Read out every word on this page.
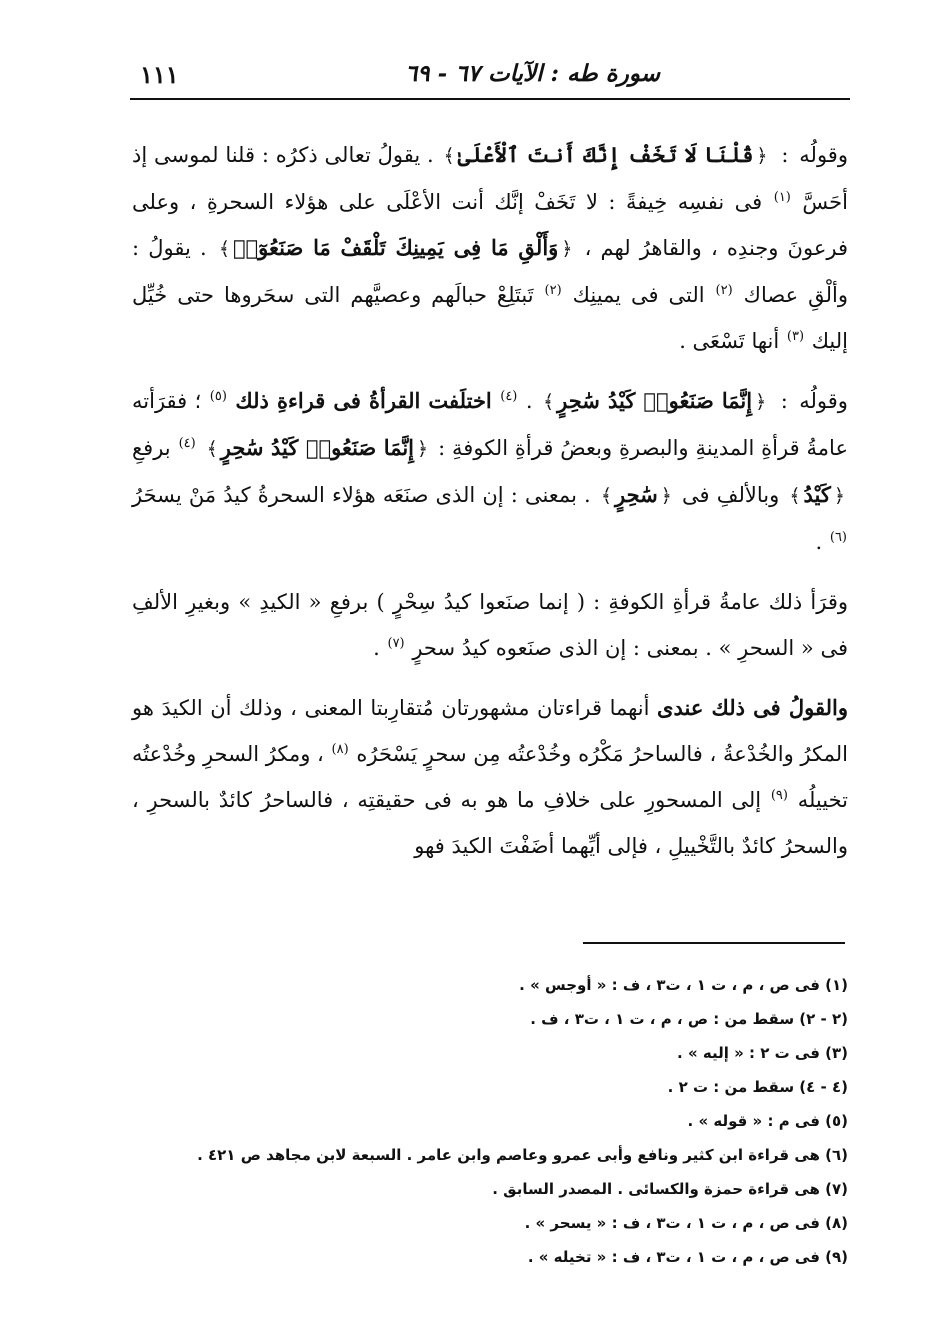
١١١	سورة طه : الآيات ٦٧ - ٦٩

وقولُه : ﴿قُلْنَا لَا تَخَفْ إِنَّكَ أَنتَ ٱلْأَعْلَىٰ﴾ . يقولُ تعالى ذكرُه : قلنا لموسى إذ أحَسَّ $^{(١)}$ فى نفسِه خِيفةً : لا تَخَفْ إنَّك أنت الأعْلَى على هؤلاء السحرةِ ، وعلى فرعونَ وجندِه ، والقاهرُ لهم ، ﴿وَأَلْقِ مَا فِى يَمِينِكَ تَلْقَفْ مَا صَنَعُوٓا۟﴾ . يقولُ : وألْقِ عصاك $^{(٢)}$ التى فى يمينِك $^{(٢)}$ تَبتَلِعْ حبالَهم وعصيَّهم التى سحَروها حتى خُيِّل إليك $^{(٣)}$ أنها تَسْعَى .

وقولُه : ﴿إِنَّمَا صَنَعُوا۟ كَيْدُ سَٰحِرٍ﴾ . $^{(٤)}$ اختلَفت القرأةُ فى قراءةِ ذلك $^{(٥)}$ ؛ فقرَأته عامةُ قرأةِ المدينةِ والبصرةِ وبعضُ قرأةِ الكوفةِ : ﴿إِنَّمَا صَنَعُوا۟ كَيْدُ سَٰحِرٍ﴾ $^{(٤)}$ برفعِ ﴿كَيْدُ﴾ وبالألفِ فى ﴿سَٰحِرٍ﴾ . بمعنى : إن الذى صنَعَه هؤلاء السحرةُ كيدُ مَنْ يسحَرُ $^{(٦)}$ .

وقرَأ ذلك عامةُ قرأةِ الكوفةِ : ( إنما صنَعوا كيدُ سِحْرٍ ) برفعِ « الكيدِ » وبغيرِ الألفِ فى « السحرِ » . بمعنى : إن الذى صنَعوه كيدُ سحرٍ $^{(٧)}$ .

والقولُ فى ذلك عندى أنهما قراءتان مشهورتان مُتقارِبتا المعنى ، وذلك أن الكيدَ هو المكرُ والخُدْعةُ ، فالساحرُ مَكْرُه وخُدْعتُه مِن سحرٍ يَسْحَرُه $^{(٨)}$ ، ومكرُ السحرِ وخُدْعتُه تخييلُه $^{(٩)}$ إلى المسحورِ على خلافِ ما هو به فى حقيقتِه ، فالساحرُ كائدٌ بالسحرِ ، والسحرُ كائدٌ بالتَّخْييلِ ، فإلى أيِّهما أضَفْتَ الكيدَ فهو

(١) فى ص ، م ، ت ١ ، ت٣ ، ف : « أوجس » .
(٢ - ٢) سقط من : ص ، م ، ت ١ ، ت٣ ، ف .
(٣) فى ت ٢ : « إليه » .
(٤ - ٤) سقط من : ت ٢ .
(٥) فى م : « قوله » .
(٦) هى قراءة ابن كثير ونافع وأبى عمرو وعاصم وابن عامر . السبعة لابن مجاهد ص ٤٢١ .
(٧) هى قراءة حمزة والكسائى . المصدر السابق .
(٨) فى ص ، م ، ت ١ ، ت٣ ، ف : « يسحر » .
(٩) فى ص ، م ، ت ١ ، ت٣ ، ف : « تخيله » .
